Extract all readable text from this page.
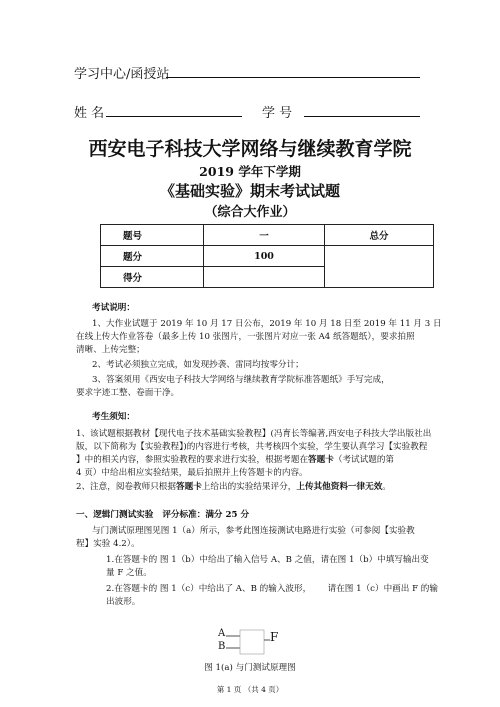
学习中心/函授站
姓 名	学 号
西安电子科技大学网络与继续教育学院
2019 学年下学期
《基础实验》期末考试试题
（综合大作业）
题号	一	总分
题分	100	
得分		
考试说明：
1、大作业试题于 2019 年 10 月 17 日公布，2019 年 10 月 18 日至 2019 年 11 月 3 日
在线上传大作业答卷（最多上传 10 张图片，一张图片对应一张 A4 纸答题纸），要求拍照
清晰、上传完整；
2、考试必须独立完成，如发现抄袭、雷同均按零分计；
3、答案须用《西安电子科技大学网络与继续教育学院标准答题纸》手写完成，
要求字迹工整、卷面干净。
考生须知：
1、该试题根据教材【现代电子技术基础实验教程】(冯育长等编著,西安电子科技大学出版社出
版，以下简称为【实验教程】)的内容进行考核，共考核四个实验，学生要认真学习【实验教程
】中的相关内容，参照实验教程的要求进行实验，根据考题在答题卡（考试试题的第
4 页）中给出相应实验结果，最后拍照并上传答题卡的内容。
2、注意，阅卷教师只根据答题卡上给出的实验结果评分，上传其他资料一律无效。
一、逻辑门测试实验 评分标准：满分 25 分
与门测试原理图见图 1（a）所示，参考此图连接测试电路进行实验（可参阅【实验教
程】实验 4.2）。
1.在答题卡的 图 1（b）中给出了输入信号 A、B 之值，请在图 1（b）中填写输出变
量 F 之值。
2.在答题卡的 图 1（c）中给出了 A、B 的输入波形， 请在图 1（c）中画出 F 的输
出波形。
A
B
F
图 1(a) 与门测试原理图
第 1 页 （共 4 页）
